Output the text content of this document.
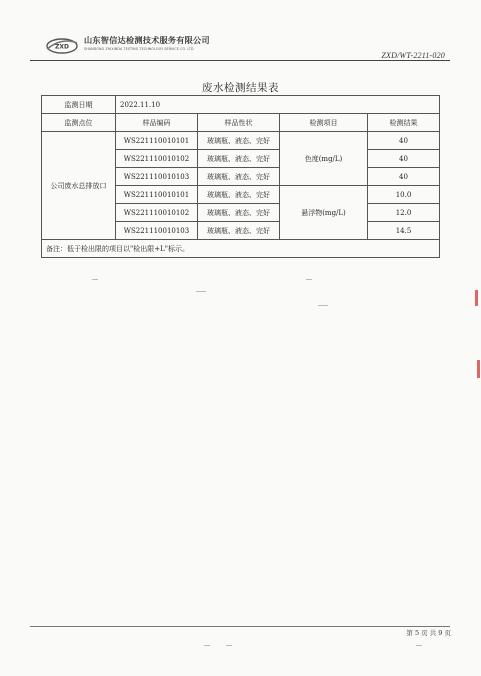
ZXD
山东智信达检测技术服务有限公司
SHANDONG ZHIXINDA TESTING TECHNOLOGY SERVICE CO. LTD
ZXD/WT-2211-020
废水检测结果表
监测日期	2022.11.10			
监测点位	样品编码	样品性状	检测项目	检测结果
公司废水总排放口	WS221110010101	玻璃瓶、液态、完好	色度(mg/L)	40
	WS221110010102	玻璃瓶、液态、完好		40
	WS221110010103	玻璃瓶、液态、完好		40
	WS221110010101	玻璃瓶、液态、完好	悬浮物(mg/L)	10.0
	WS221110010102	玻璃瓶、液态、完好		12.0
	WS221110010103	玻璃瓶、液态、完好		14.5
备注：低于检出限的项目以"检出限+L"标示。				
第 5 页 共 9 页
